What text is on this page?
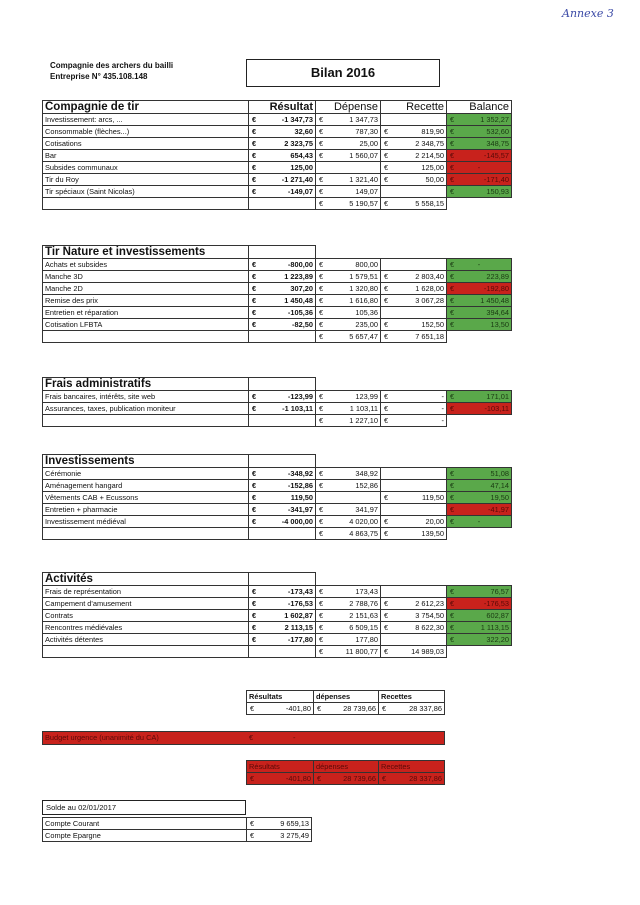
Annexe 3
Compagnie des archers du bailli
Entreprise N° 435.108.148	Bilan 2016
Compagnie de tir	Résultat	Dépense	Recette	Balance
Investissement: arcs, ...	€ -1 347,73	€ 1 347,73		€ 1 352,27
Consommable (flèches...)	€ 32,60	€ 787,30	€ 819,90	€ 532,60
Cotisations	€ 2 323,75	€ 25,00	€ 2 348,75	€ 348,75
Bar	€ 654,43	€ 1 560,07	€ 2 214,50	€ -145,57
Subsides communaux	€ 125,00		€ 125,00	€ -
Tir du Roy	€ -1 271,40	€ 1 321,40	€ 50,00	€ -171,40
Tir spéciaux (Saint Nicolas)	€ -149,07	€ 149,07		€ 150,93
		€ 5 190,57	€ 5 558,15
Tir Nature et investissements				
Achats et subsides	€ -800,00	€ 800,00		€ -
Manche 3D	€ 1 223,89	€ 1 579,51	€ 2 803,40	€ 223,89
Manche 2D	€ 307,20	€ 1 320,80	€ 1 628,00	€ -192,80
Remise des prix	€ 1 450,48	€ 1 616,80	€ 3 067,28	€ 1 450,48
Entretien et réparation	€ -105,36	€ 105,36		€ 394,64
Cotisation LFBTA	€ -82,50	€ 235,00	€ 152,50	€ 13,50
		€ 5 657,47	€ 7 651,18
Frais administratifs				
Frais bancaires, intérêts, site web	€ -123,99	€ 123,99	€ -	€ 171,01
Assurances, taxes, publication moniteur	€ -1 103,11	€ 1 103,11	€ -	€ -103,11
		€ 1 227,10	€ -
Investissements				
Cérémonie	€ -348,92	€ 348,92		€ 51,08
Aménagement hangard	€ -152,86	€ 152,86		€ 47,14
Vêtements CAB + Ecussons	€ 119,50		€ 119,50	€ 19,50
Entretien + pharmacie	€ -341,97	€ 341,97		€ -41,97
Investissement médiéval	€ -4 000,00	€ 4 020,00	€ 20,00	€ -
		€ 4 863,75	€ 139,50
Activités				
Frais de représentation	€ -173,43	€ 173,43		€ 76,57
Campement d'amusement	€ -176,53	€ 2 788,76	€ 2 612,23	€ -176,53
Contrats	€ 1 602,87	€ 2 151,63	€ 3 754,50	€ 602,87
Rencontres médiévales	€ 2 113,15	€ 6 509,15	€ 8 622,30	€ 1 113,15
Activités détentes	€ -177,80	€ 177,80		€ 322,20
		€ 11 800,77	€ 14 989,03
Résultats	dépenses	Recettes
€ -401,80	€ 28 739,66	€ 28 337,86
Budget urgence (unanimité du CA)	€	-
Résultats	dépenses	Recettes
€ -401,80	€ 28 739,66	€ 28 337,86
Solde au 02/01/2017
Compte Courant	€ 9 659,13
Compte Epargne	€ 3 275,49
